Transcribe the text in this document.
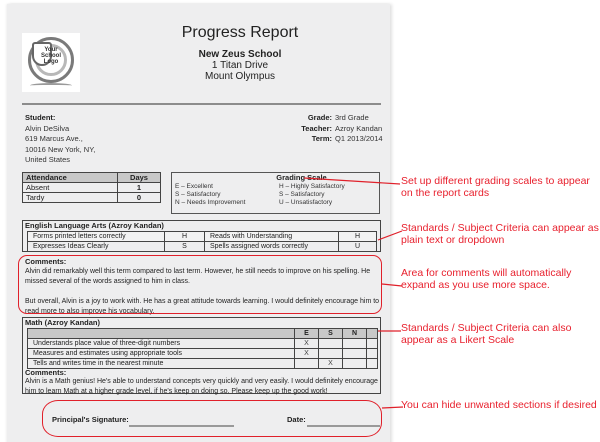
Your
School
Logo
Progress Report
New Zeus School
1 Titan Drive
Mount Olympus
Student:
Alvin DeSilva
619 Marcus Ave.,
10016 New York, NY,
United States
Grade: 3rd Grade
Teacher: Azroy Kandan
Term: Q1 2013/2014
Attendance	Days
Absent	1
Tardy	0
Grading Scale
E – Excellent
S – Satisfactory
N – Needs Improvement
H – Highly Satisfactory
S – Satisfactory
U – Unsatisfactory
English Language Arts (Azroy Kandan)
Forms printed letters correctly	H	Reads with Understanding	H
Expresses Ideas Clearly	S	Spells assigned words correctly	U
Comments:
Alvin did remarkably well this term compared to last term. However, he still needs to improve on his spelling. He missed several of the words assigned to him in class.
But overall, Alvin is a joy to work with. He has a great attitude towards learning. I would definitely encourage him to read more to also improve his vocabulary.
Math (Azroy Kandan)
	E	S	N	
Understands place value of three-digit numbers	X			
Measures and estimates using appropriate tools	X			
Tells and writes time in the nearest minute		X		
Comments:
Alvin is a Math genius! He's able to understand concepts very quickly and very easily. I would definitely encourage him to learn Math at a higher grade level, if he's keep on doing so. Please keep up the good work!
Principal's Signature:	Date:
Set up different grading scales to appear on the report cards
Standards / Subject Criteria can appear as plain text or dropdown
Area for comments will automatically expand as you use more space.
Standards / Subject Criteria can also appear as a Likert Scale
You can hide unwanted sections if desired
